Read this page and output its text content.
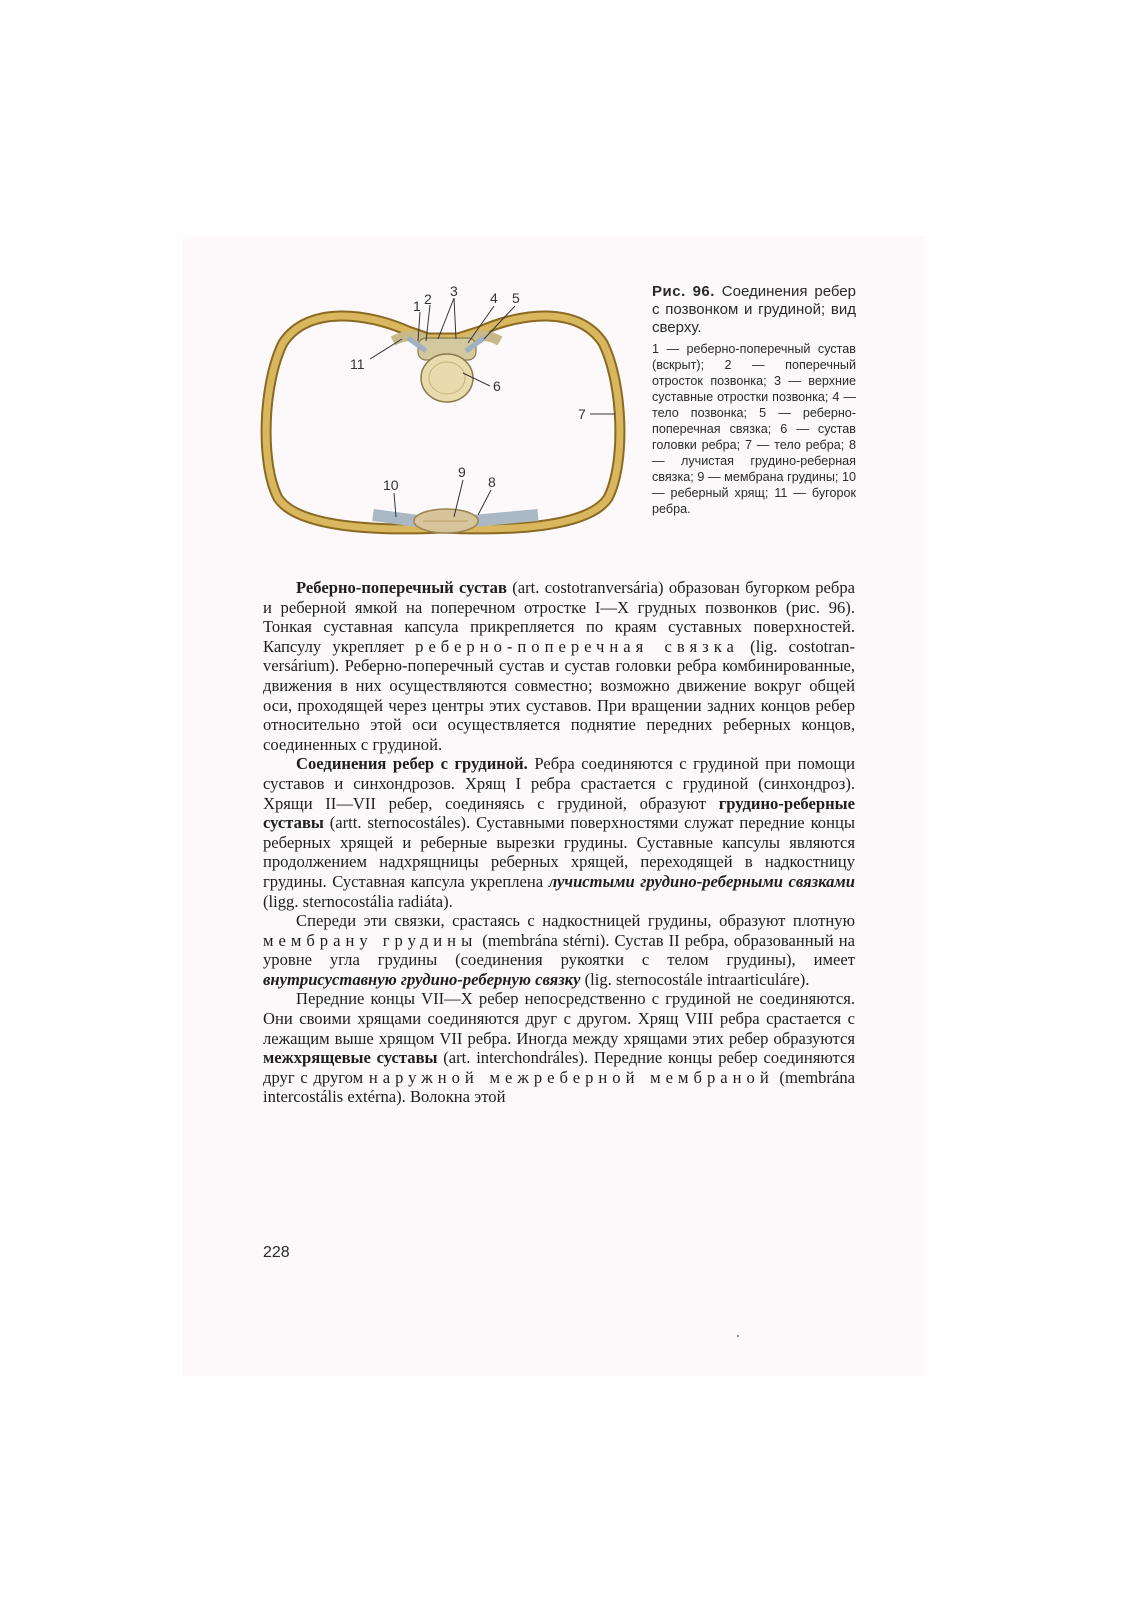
1 2 3 4 5
6
7
8
9
10
11

Рис. 96. Соединения ребер с позвонком и грудиной; вид сверху.

1 — реберно-поперечный сустав (вскрыт); 2 — поперечный отросток позвонка; 3 — верхние суставные отростки позвонка; 4 — тело позвонка; 5 — реберно-поперечная связка; 6 — сустав головки ребра; 7 — тело ребра; 8 — лучистая грудино-реберная связка; 9 — мембрана грудины; 10 — реберный хрящ; 11 — бугорок ребра.

Реберно-поперечный сустав (art. costotranversária) образован бугорком ребра и реберной ямкой на поперечном отростке I—X грудных позвонков (рис. 96). Тонкая суставная капсула прикрепляется по краям суставных поверхностей. Капсулу укрепляет реберно-поперечная связка (lig. costotranversárium). Реберно-поперечный сустав и сустав головки ребра комбинированные, движения в них осуществляются совместно; возможно движение вокруг общей оси, проходящей через центры этих суставов. При вращении задних концов ребер относительно этой оси осуществляется поднятие передних реберных концов, соединенных с грудиной.

Соединения ребер с грудиной. Ребра соединяются с грудиной при помощи суставов и синхондрозов. Хрящ I ребра срастается с грудиной (синхондроз). Хрящи II—VII ребер, соединяясь с грудиной, образуют грудино-реберные суставы (artt. sternocostáles). Суставными поверхностями служат передние концы реберных хрящей и реберные вырезки грудины. Суставные капсулы являются продолжением надхрящницы реберных хрящей, переходящей в надкостницу грудины. Суставная капсула укреплена лучистыми грудино-реберными связками (ligg. sternocostália radiáta).

Спереди эти связки, срастаясь с надкостницей грудины, образуют плотную мембрану грудины (membrána stérni). Сустав II ребра, образованный на уровне угла грудины (соединения рукоятки с телом грудины), имеет внутрисуставную грудино-реберную связку (lig. sternocostále intraarticuláre).

Передние концы VII—X ребер непосредственно с грудиной не соединяются. Они своими хрящами соединяются друг с другом. Хрящ VIII ребра срастается с лежащим выше хрящом VII ребра. Иногда между хрящами этих ребер образуются межхрящевые суставы (art. interchondráles). Передние концы ребер соединяются друг с другом наружной межреберной мембраной (membrána intercostális extérna). Волокна этой

228
